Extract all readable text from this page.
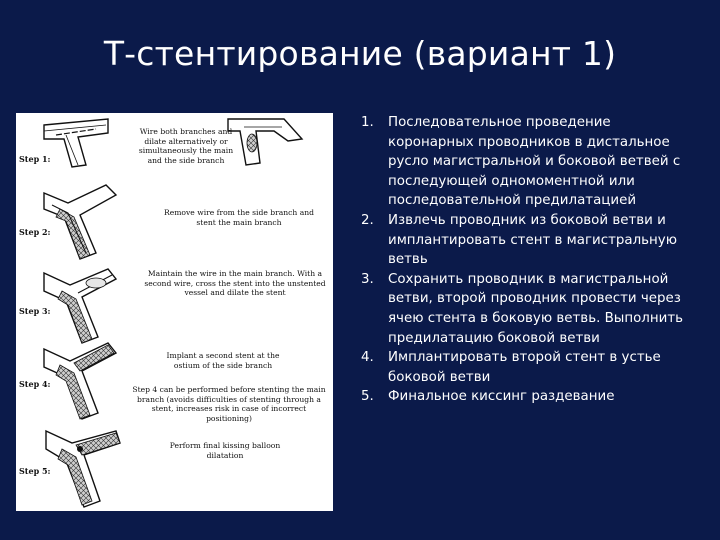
Т-стентирование (вариант 1)
Step 1:
Step 2:
Step 3:
Step 4:
Step 5:
Wire both branches and dilate alternatively or simultaneously the main and the side branch
Remove wire from the side branch and stent the main branch
Maintain the wire in the main branch. With a second wire, cross the stent into the unstented vessel and dilate the stent
Implant a second stent at the ostium of the side branch
Step 4 can be performed before stenting the main branch (avoids difficulties of stenting through a stent, increases risk in case of incorrect positioning)
Perform final kissing balloon dilatation
1. Последовательное проведение коронарных проводников в дистальное русло магистральной и боковой ветвей с последующей одномоментной или последовательной предилатацией
2. Извлечь проводник из боковой ветви и имплантировать стент в магистральную ветвь
3. Сохранить проводник в магистральной ветви, второй проводник провести через ячею стента в боковую ветвь. Выполнить предилатацию боковой ветви
4. Имплантировать второй стент в устье боковой ветви
5. Финальное киссинг раздевание
